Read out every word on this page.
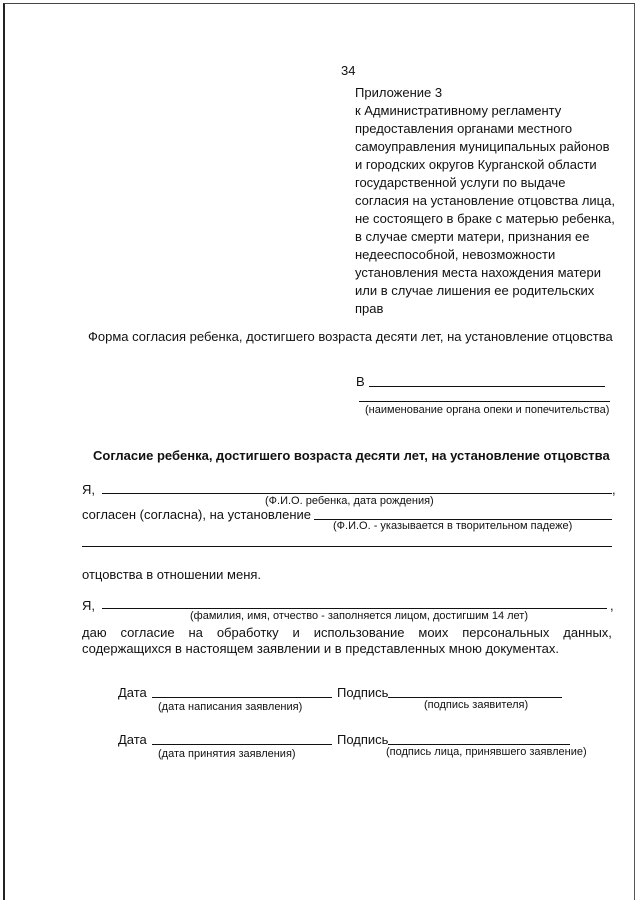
34
Приложение 3
к Административному регламенту
предоставления органами местного
самоуправления муниципальных районов
и городских округов Курганской области
государственной услуги по выдаче
согласия на установление отцовства лица,
не состоящего в браке с матерью ребенка,
в случае смерти матери, признания ее
недееспособной, невозможности
установления места нахождения матери
или в случае лишения ее родительских
прав
Форма согласия ребенка, достигшего возраста десяти лет, на установление отцовства
В
(наименование органа опеки и попечительства)
Согласие ребенка, достигшего возраста десяти лет, на установление отцовства
Я,	,
(Ф.И.О. ребенка, дата рождения)
согласен (согласна), на установление
(Ф.И.О. - указывается в творительном падеже)
отцовства в отношении меня.
Я,	,
(фамилия, имя, отчество - заполняется лицом, достигшим 14 лет)
даю согласие на обработку и использование моих персональных данных,
содержащихся в настоящем заявлении и в представленных мною документах.
Дата	Подпись
(дата написания заявления)	(подпись заявителя)
Дата	Подпись
(дата принятия заявления)	(подпись лица, принявшего заявление)
